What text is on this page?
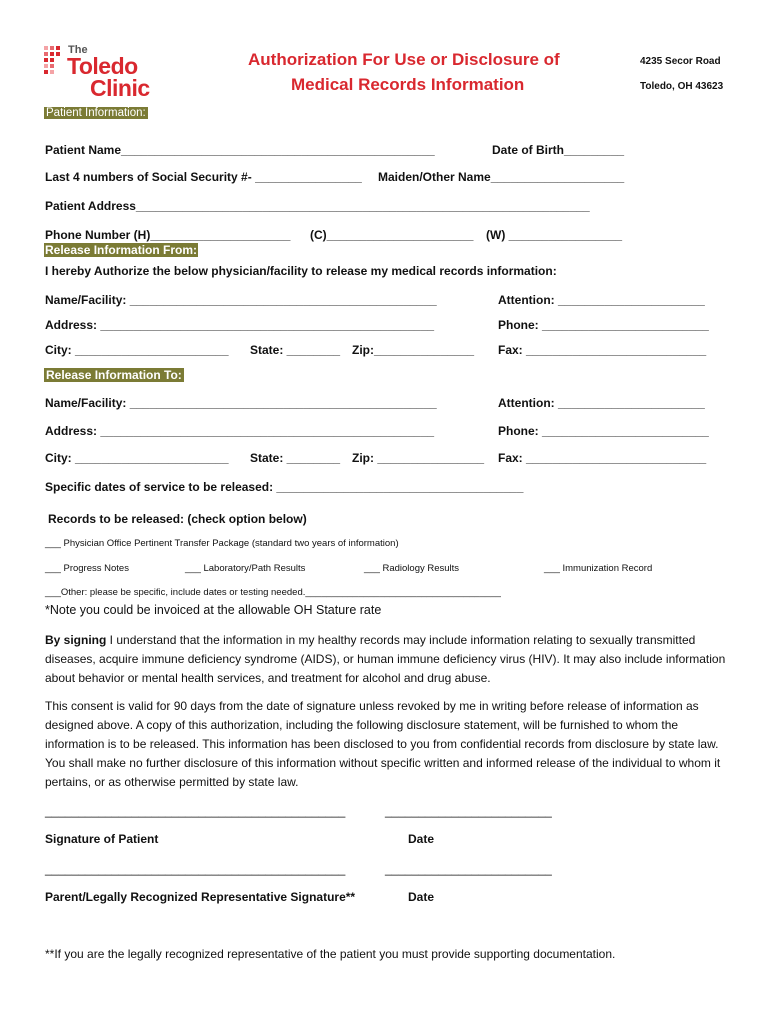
The
Toledo
Clinic
Authorization For Use or Disclosure of
Medical Records Information
4235 Secor Road
Toledo, OH 43623
Patient Information:
Patient Name_______________________________________________	Date of Birth_________
Last 4 numbers of Social Security #- ________________ Maiden/Other Name____________________
Patient Address____________________________________________________________________
Phone Number (H)_____________________ (C)______________________ (W) _________________
Release Information From:
I hereby Authorize the below physician/facility to release my medical records information:
Name/Facility: ______________________________________________	Attention: ______________________
Address: __________________________________________________	Phone: _________________________
City: _______________________ State: ________ Zip:_______________ Fax: ___________________________
Release Information To:
Name/Facility: ______________________________________________	Attention: ______________________
Address: __________________________________________________	Phone: _________________________
City: _______________________ State: ________ Zip: ________________ Fax: ___________________________
Specific dates of service to be released: _____________________________________
Records to be released: (check option below)
___ Physician Office Pertinent Transfer Package (standard two years of information)
___ Progress Notes	___ Laboratory/Path Results	___ Radiology Results	___ Immunization Record
___Other: please be specific, include dates or testing needed._____________________________________
*Note you could be invoiced at the allowable OH Stature rate

By signing I understand that the information in my healthy records may include information relating to sexually transmitted diseases, acquire immune deficiency syndrome (AIDS), or human immune deficiency virus (HIV). It may also include information about behavior or mental health services, and treatment for alcohol and drug abuse.

This consent is valid for 90 days from the date of signature unless revoked by me in writing before release of information as designed above. A copy of this authorization, including the following disclosure statement, will be furnished to whom the information is to be released. This information has been disclosed to you from confidential records from disclosure by state law. You shall make no further disclosure of this information without specific written and informed release of the individual to whom it pertains, or as otherwise permitted by state law.

_____________________________________________	_________________________
Signature of Patient	Date
_____________________________________________	_________________________
Parent/Legally Recognized Representative Signature**	Date
**If you are the legally recognized representative of the patient you must provide supporting documentation.
